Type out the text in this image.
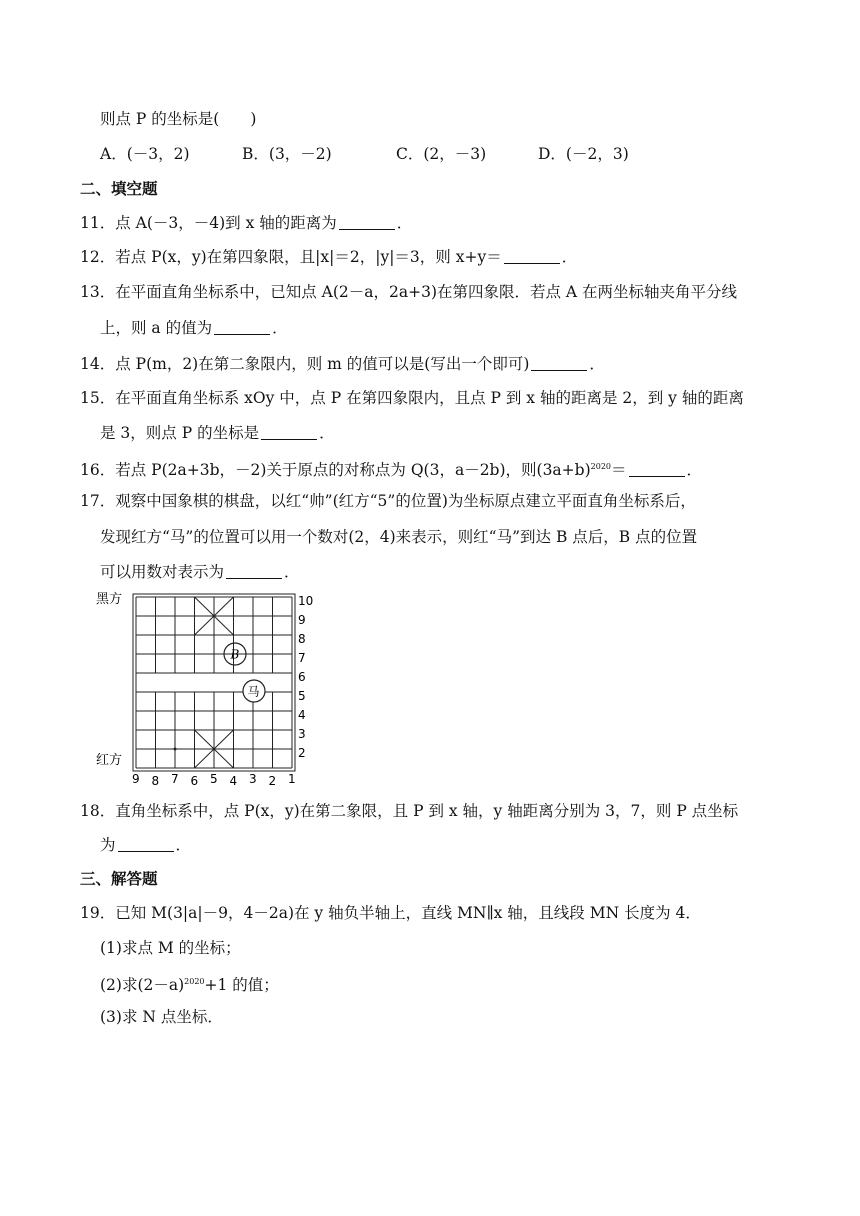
则点 P 的坐标是(　　)
A．(－3，2)	B．(3，－2)	C．(2，－3)	D．(－2，3)
二、填空题
11．点 A(－3，－4)到 x 轴的距离为	．
12．若点 P(x，y)在第四象限，且|x|＝2，|y|＝3，则 x+y＝	．
13．在平面直角坐标系中，已知点 A(2－a，2a+3)在第四象限．若点 A 在两坐标轴夹角平分线
上，则 a 的值为	．
14．点 P(m，2)在第二象限内，则 m 的值可以是(写出一个即可)	．
15．在平面直角坐标系 xOy 中，点 P 在第四象限内，且点 P 到 x 轴的距离是 2，到 y 轴的距离
是 3，则点 P 的坐标是	．
16．若点 P(2a+3b，－2)关于原点的对称点为 Q(3，a－2b)，则$(3a+b)^{2020}=$	．
17．观察中国象棋的棋盘，以红“帅”(红方“5”的位置)为坐标原点建立平面直角坐标系后，
发现红方“马”的位置可以用一个数对(2，4)来表示，则红“马”到达 B 点后，B 点的位置
可以用数对表示为	．
黑方
红方
10
9
8
7
6
5
4
3
2
9 8 7 6 5 4 3 2 1
B
马
18．直角坐标系中，点 P(x，y)在第二象限，且 P 到 x 轴，y 轴距离分别为 3，7，则 P 点坐标
为	．
三、解答题
19．已知 M(3|a|－9，4－2a)在 y 轴负半轴上，直线 MN∥x 轴，且线段 MN 长度为 4．
(1)求点 M 的坐标；
(2)求$(2-a)^{2020}+1$ 的值；
(3)求 N 点坐标．
